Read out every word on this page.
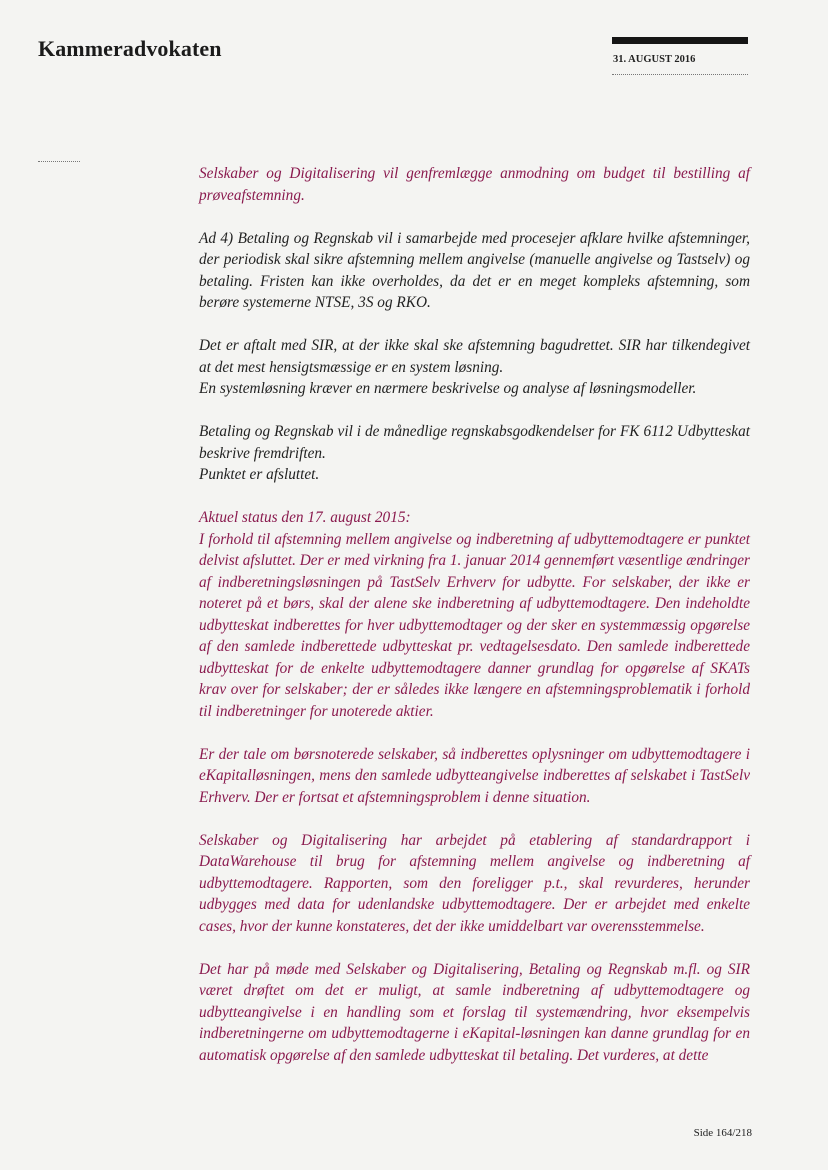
Kammeradvokaten	31. AUGUST 2016

Selskaber og Digitalisering vil genfremlægge anmodning om budget til bestilling af prøveafstemning.

Ad 4) Betaling og Regnskab vil i samarbejde med procesejer afklare hvilke afstemninger, der periodisk skal sikre afstemning mellem angivelse (manuelle angivelse og Tastselv) og betaling. Fristen kan ikke overholdes, da det er en meget kompleks afstemning, som berøre systemerne NTSE, 3S og RKO.

Det er aftalt med SIR, at der ikke skal ske afstemning bagudrettet. SIR har tilkendegivet at det mest hensigtsmæssige er en system løsning.

En systemløsning kræver en nærmere beskrivelse og analyse af løsningsmodeller.

Betaling og Regnskab vil i de månedlige regnskabsgodkendelser for FK 6112 Udbytteskat beskrive fremdriften.

Punktet er afsluttet.

Aktuel status den 17. august 2015:

I forhold til afstemning mellem angivelse og indberetning af udbyttemodtagere er punktet delvist afsluttet. Der er med virkning fra 1. januar 2014 gennemført væsentlige ændringer af indberetningsløsningen på TastSelv Erhverv for udbytte. For selskaber, der ikke er noteret på et børs, skal der alene ske indberetning af udbyttemodtagere. Den indeholdte udbytteskat indberettes for hver udbyttemodtager og der sker en systemmæssig opgørelse af den samlede indberettede udbytteskat pr. vedtagelsesdato. Den samlede indberettede udbytteskat for de enkelte udbyttemodtagere danner grundlag for opgørelse af SKATs krav over for selskaber; der er således ikke længere en afstemningsproblematik i forhold til indberetninger for unoterede aktier.

Er der tale om børsnoterede selskaber, så indberettes oplysninger om udbyttemodtagere i eKapitalløsningen, mens den samlede udbytteangivelse indberettes af selskabet i TastSelv Erhverv. Der er fortsat et afstemningsproblem i denne situation.

Selskaber og Digitalisering har arbejdet på etablering af standardrapport i DataWarehouse til brug for afstemning mellem angivelse og indberetning af udbyttemodtagere. Rapporten, som den foreligger p.t., skal revurderes, herunder udbygges med data for udenlandske udbyttemodtagere. Der er arbejdet med enkelte cases, hvor der kunne konstateres, det der ikke umiddelbart var overensstemmelse.

Det har på møde med Selskaber og Digitalisering, Betaling og Regnskab m.fl. og SIR været drøftet om det er muligt, at samle indberetning af udbyttemodtagere og udbytteangivelse i en handling som et forslag til systemændring, hvor eksempelvis indberetningerne om udbyttemodtagerne i eKapital-løsningen kan danne grundlag for en automatisk opgørelse af den samlede udbytteskat til betaling. Det vurderes, at dette

Side 164/218
